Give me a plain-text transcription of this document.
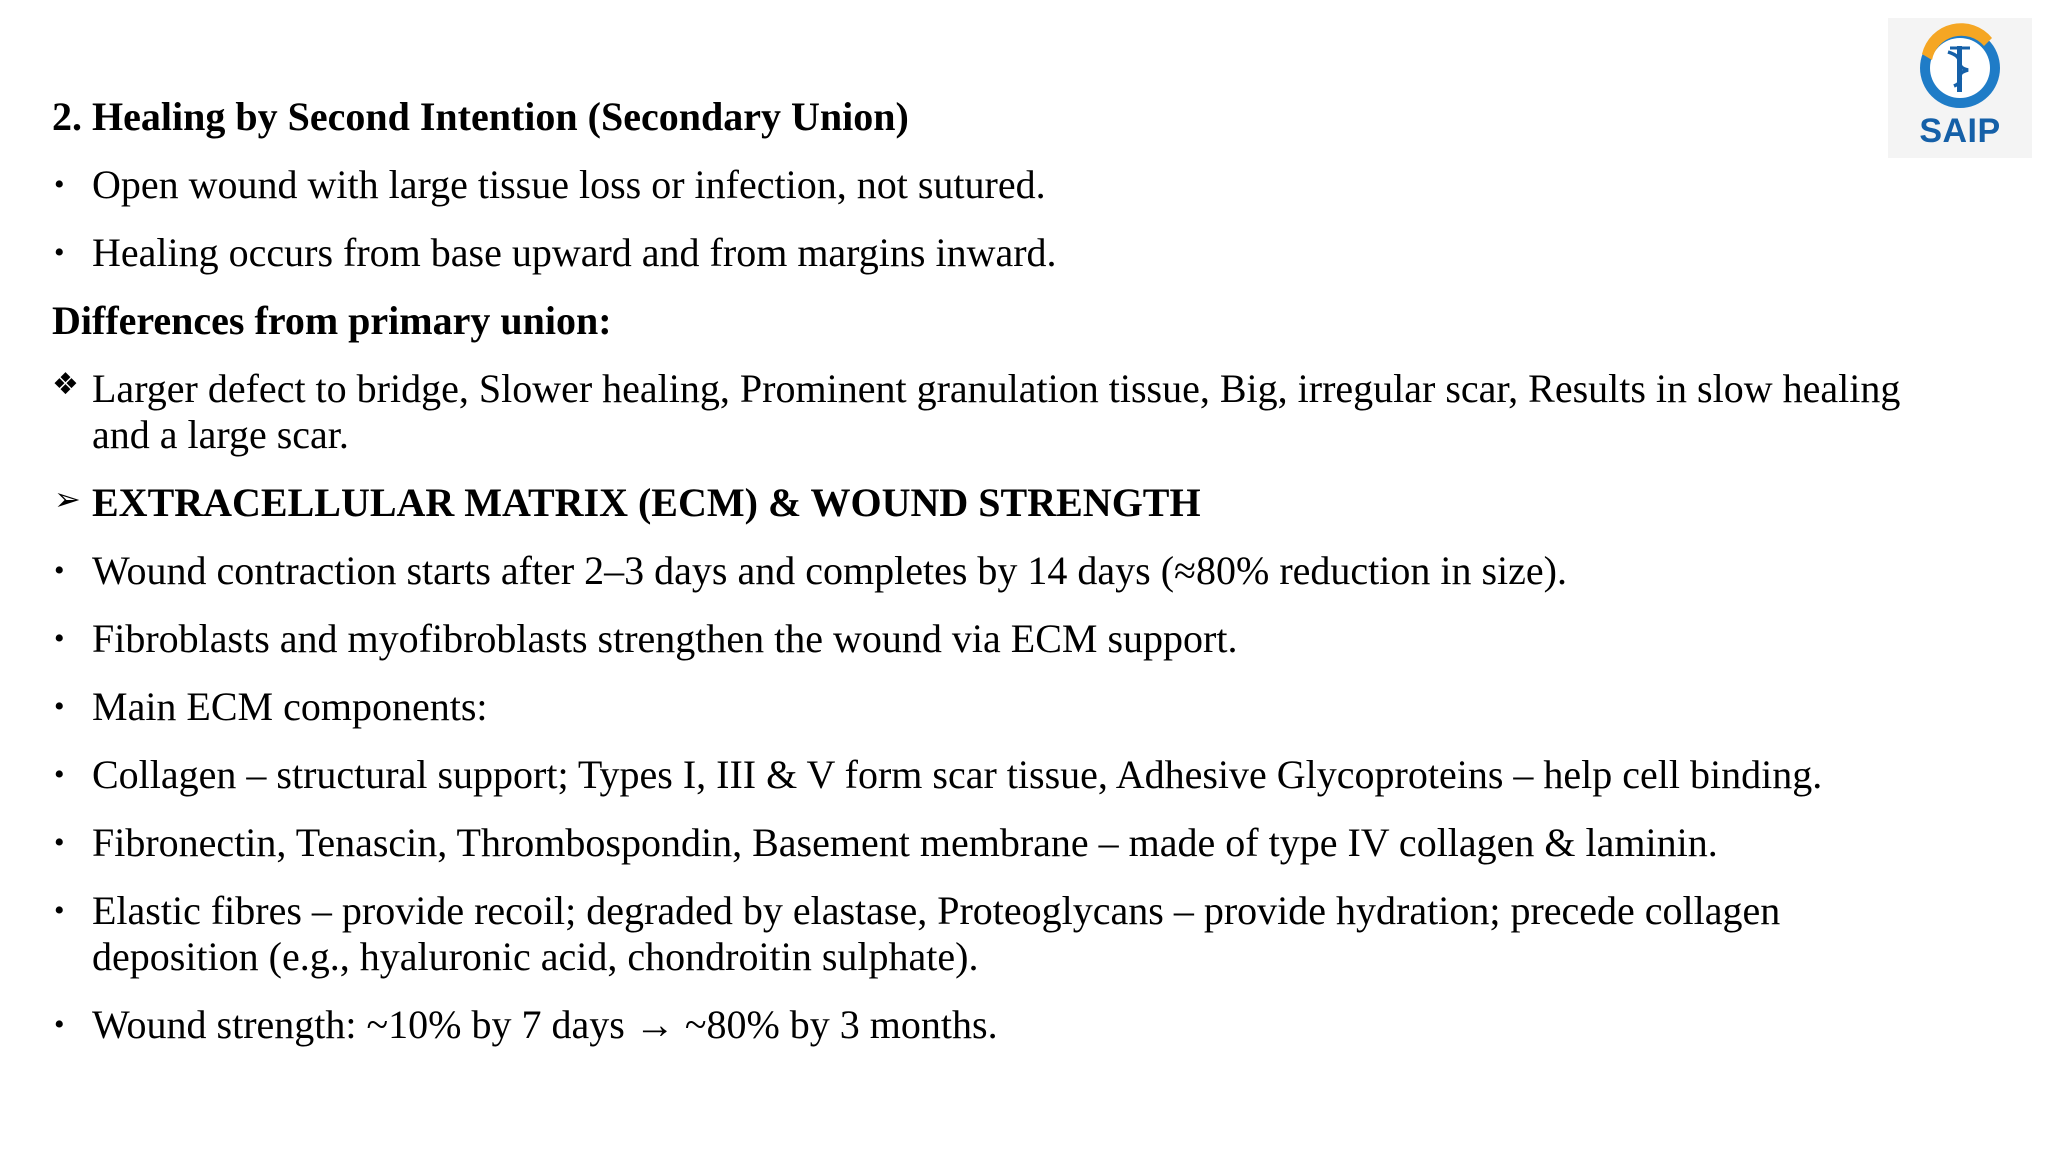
SAIP
2. Healing by Second Intention (Secondary Union)
• Open wound with large tissue loss or infection, not sutured.
• Healing occurs from base upward and from margins inward.
Differences from primary union:
❖ Larger defect to bridge, Slower healing, Prominent granulation tissue, Big, irregular scar, Results in slow healing and a large scar.
➢ EXTRACELLULAR MATRIX (ECM) & WOUND STRENGTH
• Wound contraction starts after 2–3 days and completes by 14 days (≈80% reduction in size).
• Fibroblasts and myofibroblasts strengthen the wound via ECM support.
• Main ECM components:
• Collagen – structural support; Types I, III & V form scar tissue, Adhesive Glycoproteins – help cell binding.
• Fibronectin, Tenascin, Thrombospondin, Basement membrane – made of type IV collagen & laminin.
• Elastic fibres – provide recoil; degraded by elastase, Proteoglycans – provide hydration; precede collagen deposition (e.g., hyaluronic acid, chondroitin sulphate).
• Wound strength: ~10% by 7 days → ~80% by 3 months.
